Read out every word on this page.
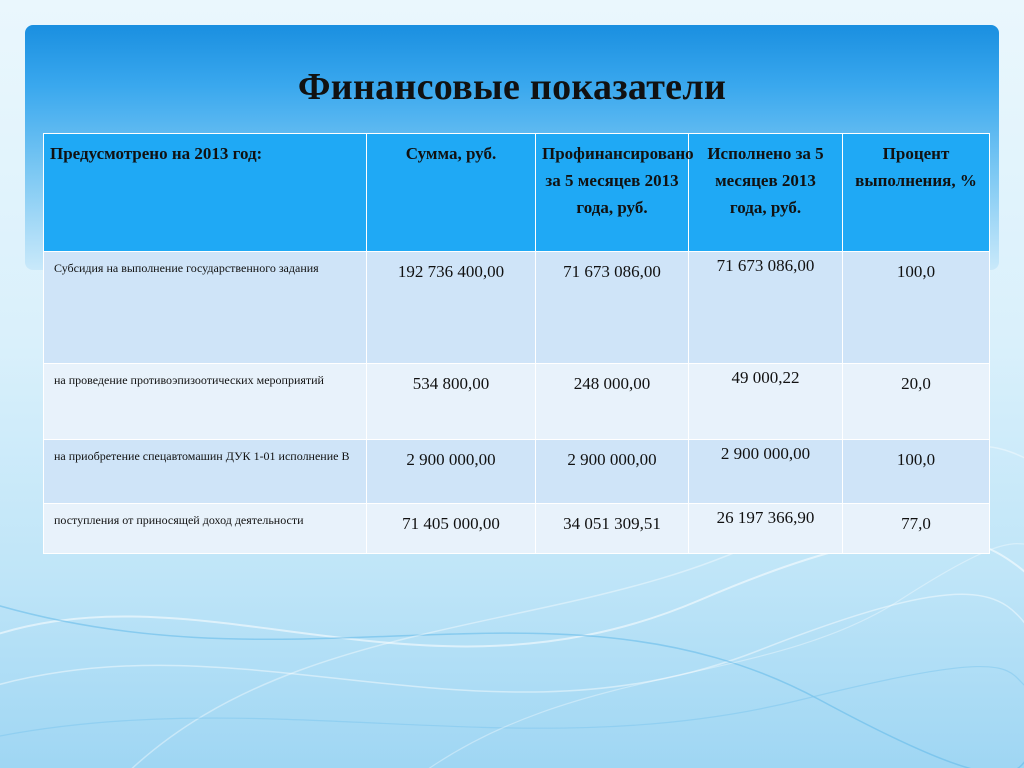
Финансовые показатели
Предусмотрено на 2013 год:	Сумма, руб.	Профинансировано за 5 месяцев 2013 года, руб.	Исполнено за 5 месяцев 2013 года, руб.	Процент выполнения, %
Субсидия на выполнение государственного задания	192 736 400,00	71 673 086,00	71 673 086,00	100,0
на проведение противоэпизоотических мероприятий	534 800,00	248 000,00	49 000,22	20,0
на приобретение спецавтомашин ДУК 1-01 исполнение В	2 900 000,00	2 900 000,00	2 900 000,00	100,0
поступления от приносящей доход деятельности	71 405 000,00	34 051 309,51	26 197 366,90	77,0
